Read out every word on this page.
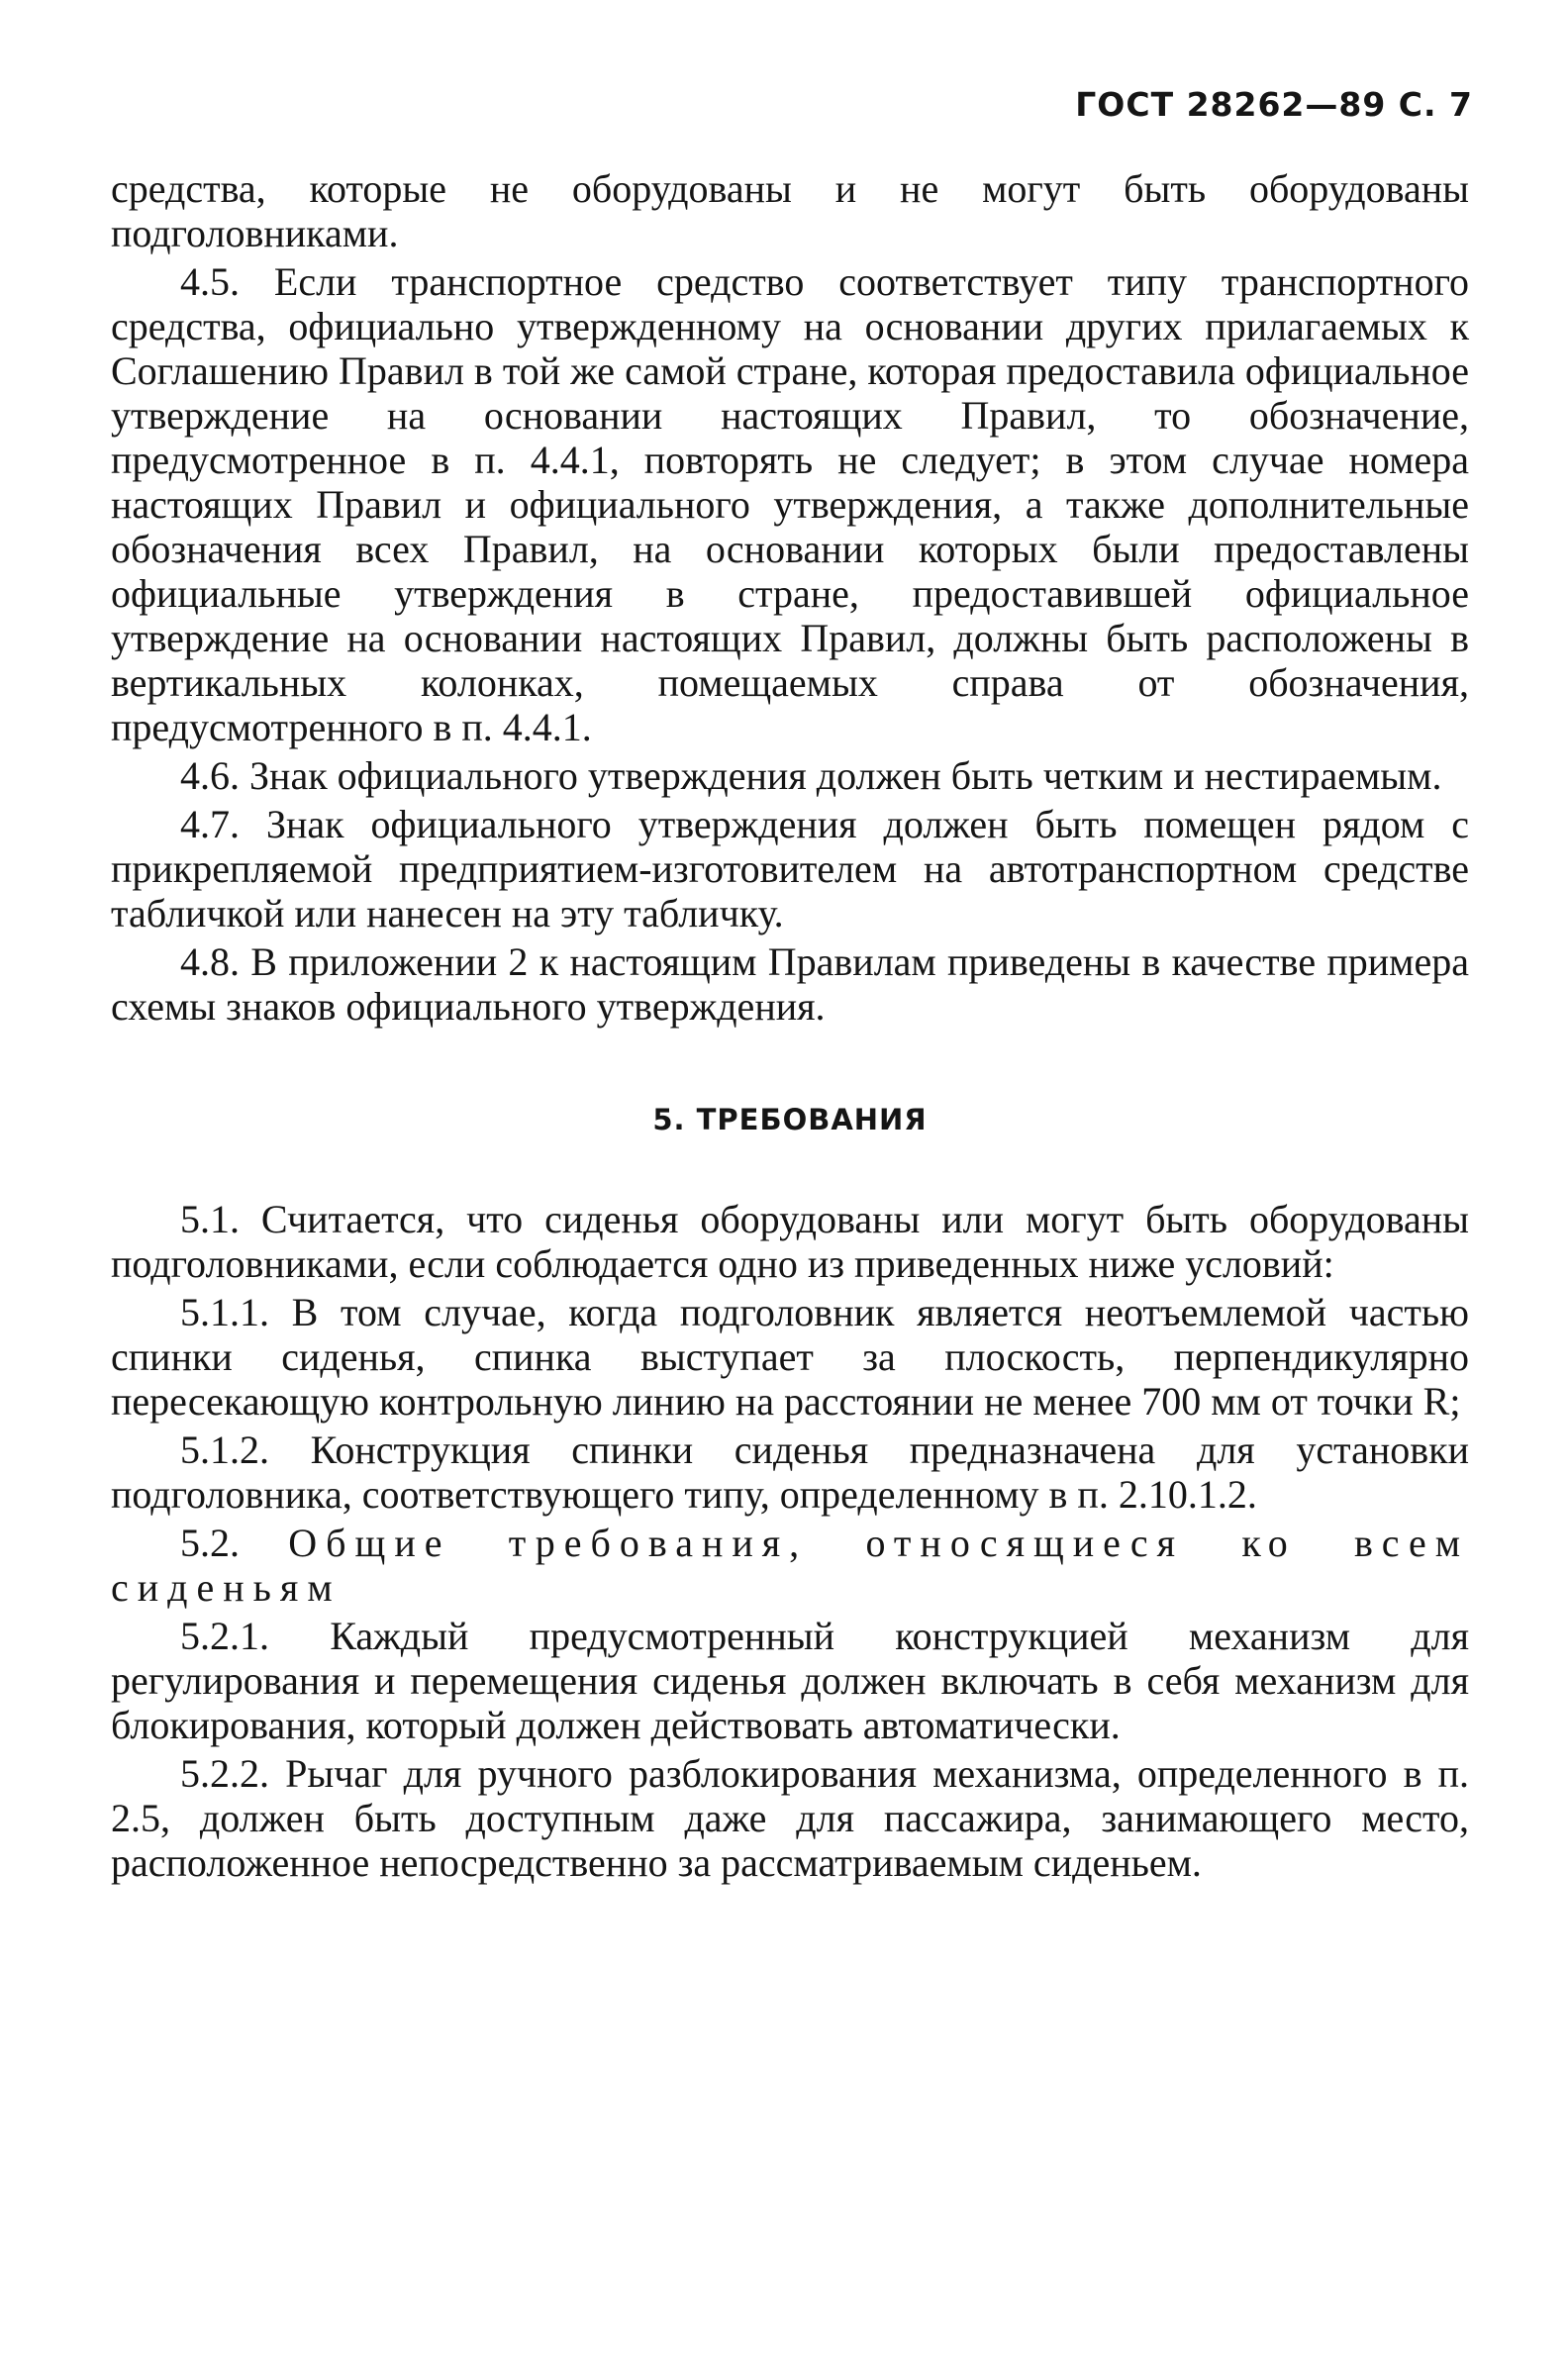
ГОСТ 28262—89 С. 7

средства, которые не оборудованы и не могут быть оборудованы подголовниками.

4.5. Если транспортное средство соответствует типу транспортного средства, официально утвержденному на основании других прилагаемых к Соглашению Правил в той же самой стране, которая предоставила официальное утверждение на основании настоящих Правил, то обозначение, предусмотренное в п. 4.4.1, повторять не следует; в этом случае номера настоящих Правил и официального утверждения, а также дополнительные обозначения всех Правил, на основании которых были предоставлены официальные утверждения в стране, предоставившей официальное утверждение на основании настоящих Правил, должны быть расположены в вертикальных колонках, помещаемых справа от обозначения, предусмотренного в п. 4.4.1.

4.6. Знак официального утверждения должен быть четким и нестираемым.

4.7. Знак официального утверждения должен быть помещен рядом с прикрепляемой предприятием-изготовителем на автотранспортном средстве табличкой или нанесен на эту табличку.

4.8. В приложении 2 к настоящим Правилам приведены в качестве примера схемы знаков официального утверждения.

5. ТРЕБОВАНИЯ

5.1. Считается, что сиденья оборудованы или могут быть оборудованы подголовниками, если соблюдается одно из приведенных ниже условий:

5.1.1. В том случае, когда подголовник является неотъемлемой частью спинки сиденья, спинка выступает за плоскость, перпендикулярно пересекающую контрольную линию на расстоянии не менее 700 мм от точки R;

5.1.2. Конструкция спинки сиденья предназначена для установки подголовника, соответствующего типу, определенному в п. 2.10.1.2.

5.2. Общие требования, относящиеся ко всем сиденьям

5.2.1. Каждый предусмотренный конструкцией механизм для регулирования и перемещения сиденья должен включать в себя механизм для блокирования, который должен действовать автоматически.

5.2.2. Рычаг для ручного разблокирования механизма, определенного в п. 2.5, должен быть доступным даже для пассажира, занимающего место, расположенное непосредственно за рассматриваемым сиденьем.
